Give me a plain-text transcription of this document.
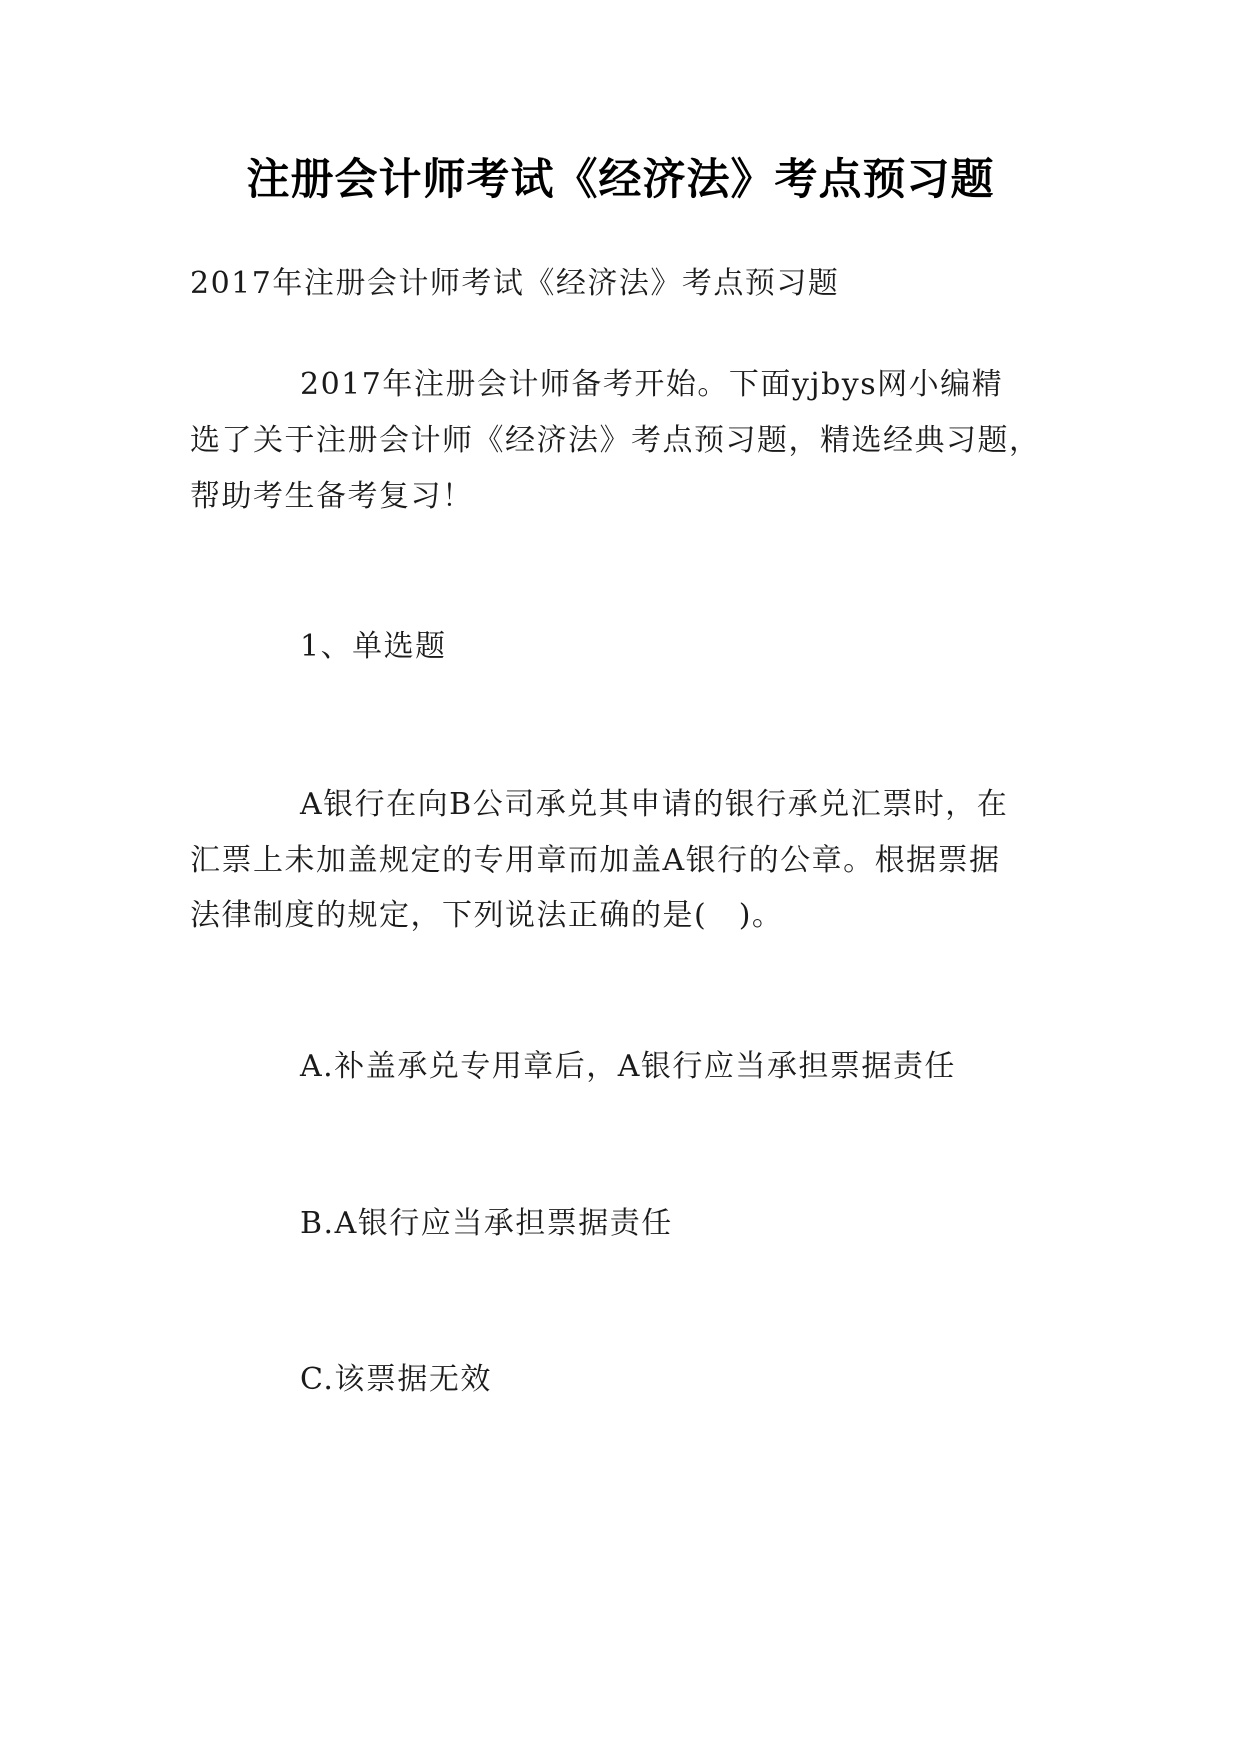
注册会计师考试《经济法》考点预习题
2017年注册会计师考试《经济法》考点预习题
2017年注册会计师备考开始。下面yjbys网小编精
选了关于注册会计师《经济法》考点预习题，精选经典习题，
帮助考生备考复习！
1、单选题
A银行在向B公司承兑其申请的银行承兑汇票时，在
汇票上未加盖规定的专用章而加盖A银行的公章。根据票据
法律制度的规定，下列说法正确的是(　)。
A.补盖承兑专用章后，A银行应当承担票据责任
B.A银行应当承担票据责任
C.该票据无效
